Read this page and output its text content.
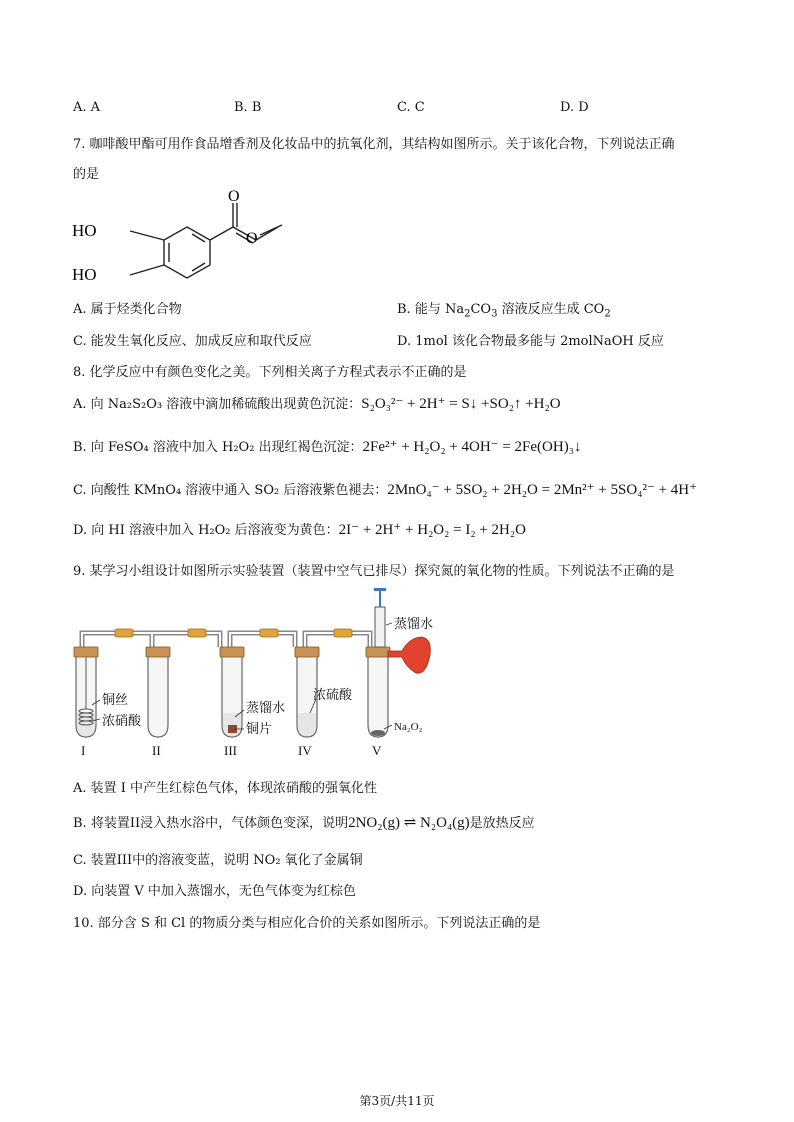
A. A	B. B	C. C	D. D
7. 咖啡酸甲酯可用作食品增香剂及化妆品中的抗氧化剂，其结构如图所示。关于该化合物，下列说法正确
的是
HO
HO
O
O
A. 属于烃类化合物	B. 能与 $Na_2CO_3$ 溶液反应生成 $CO_2$
C. 能发生氧化反应、加成反应和取代反应	D. 1mol 该化合物最多能与 2molNaOH 反应
8. 化学反应中有颜色变化之美。下列相关离子方程式表示不正确的是
A. 向 Na₂S₂O₃ 溶液中滴加稀硫酸出现黄色沉淀：S₂O₃²⁻ + 2H⁺ = S↓ +SO₂↑ +H₂O
B. 向 FeSO₄ 溶液中加入 H₂O₂ 出现红褐色沉淀：2Fe²⁺ + H₂O₂ + 4OH⁻ = 2Fe(OH)₃↓
C. 向酸性 KMnO₄ 溶液中通入 SO₂ 后溶液紫色褪去：2MnO₄⁻ + 5SO₂ + 2H₂O = 2Mn²⁺ + 5SO₄²⁻ + 4H⁺
D. 向 HI 溶液中加入 H₂O₂ 后溶液变为黄色：2I⁻ + 2H⁺ + H₂O₂ = I₂ + 2H₂O
9. 某学习小组设计如图所示实验装置（装置中空气已排尽）探究氮的氧化物的性质。下列说法不正确的是
铜丝
浓硝酸
蒸馏水
铜片
浓硫酸
蒸馏水
Na₂O₂
I	II	III	IV	V
A. 装置 I 中产生红棕色气体，体现浓硝酸的强氧化性
B. 将装置II浸入热水浴中，气体颜色变深，说明2NO₂(g) ⇌ N₂O₄(g)是放热反应
C. 装置III中的溶液变蓝，说明 NO₂ 氧化了金属铜
D. 向装置 V 中加入蒸馏水，无色气体变为红棕色
10. 部分含 S 和 Cl 的物质分类与相应化合价的关系如图所示。下列说法正确的是
第3页/共11页
